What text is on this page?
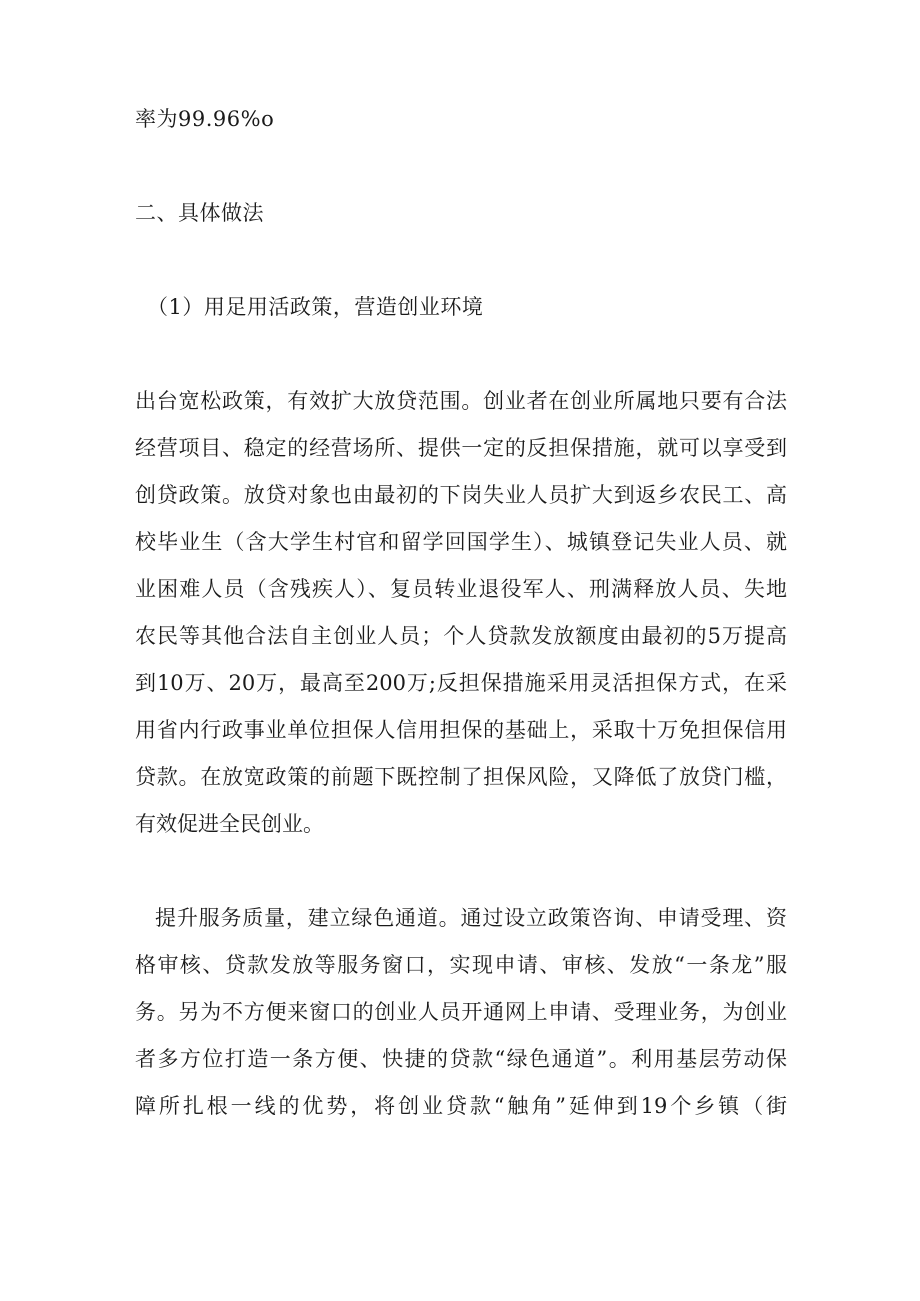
率为99.96%o
二、具体做法
（1）用足用活政策，营造创业环境
出台宽松政策，有效扩大放贷范围。创业者在创业所属地只要有合法
经营项目、稳定的经营场所、提供一定的反担保措施，就可以享受到
创贷政策。放贷对象也由最初的下岗失业人员扩大到返乡农民工、高
校毕业生（含大学生村官和留学回国学生）、城镇登记失业人员、就
业困难人员（含残疾人）、复员转业退役军人、刑满释放人员、失地
农民等其他合法自主创业人员；个人贷款发放额度由最初的5万提高
到10万、20万，最高至200万;反担保措施采用灵活担保方式，在采
用省内行政事业单位担保人信用担保的基础上，采取十万免担保信用
贷款。在放宽政策的前题下既控制了担保风险，又降低了放贷门槛，
有效促进全民创业。
提升服务质量，建立绿色通道。通过设立政策咨询、申请受理、资
格审核、贷款发放等服务窗口，实现申请、审核、发放“一条龙”服
务。另为不方便来窗口的创业人员开通网上申请、受理业务，为创业
者多方位打造一条方便、快捷的贷款“绿色通道”。利用基层劳动保
障所扎根一线的优势，将创业贷款“触角”延伸到19个乡镇（街
